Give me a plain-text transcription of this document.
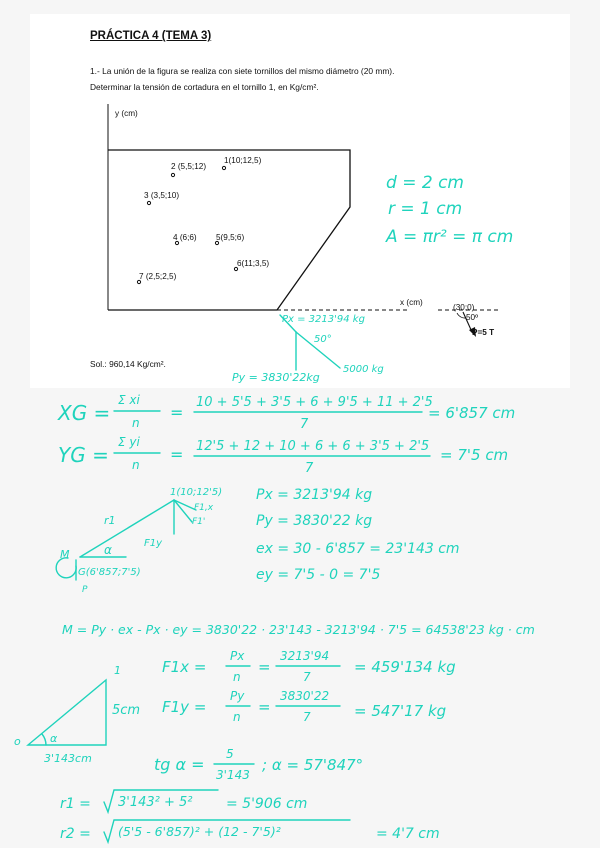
PRÁCTICA 4 (TEMA 3)
1.- La unión de la figura se realiza con siete tornillos del mismo diámetro (20 mm).
Determinar la tensión de cortadura en el tornillo 1, en Kg/cm².
Sol.: 960,14 Kg/cm².
y (cm)
x (cm)
1(10;12,5)
2 (5,5;12)
3 (3,5;10)
4 (6;6) 5(9,5;6)
6(11;3,5)
7 (2,5;2,5)
(30;0)
50º
P=5 T
d = 2 cm
r = 1 cm
A = πr² = π cm
Px = 3213'94 kg
50°
5000 kg
Py = 3830'22kg
XG =
Σ xi
n
=
10 + 5'5 + 3'5 + 6 + 9'5 + 11 + 2'5
7
= 6'857 cm
YG =
Σ yi
n
= 12'5 + 12 + 10 + 6 + 6 + 3'5 + 2'5
7
= 7'5 cm
1(10;12'5)
r1
α
F1,x
F1'
F1y
M
G(6'857;7'5)
P
Px = 3213'94 kg
Py = 3830'22 kg
ex = 30 - 6'857 = 23'143 cm
ey = 7'5 - 0 = 7'5
M = Py · ex - Px · ey = 3830'22 · 23'143 - 3213'94 · 7'5 = 64538'23 kg · cm
F1x =
Px
n
=
3213'94
7
= 459'134 kg
F1y =
Py
n
=
3830'22
7	= 547'17 kg
1
5cm
o	α
3'143cm	tg α =
5
3'143
; α = 57'847°
r1 = 3'143² + 5² = 5'906 cm
r2 = (5'5 - 6'857)² + (12 - 7'5)²	= 4'7 cm
